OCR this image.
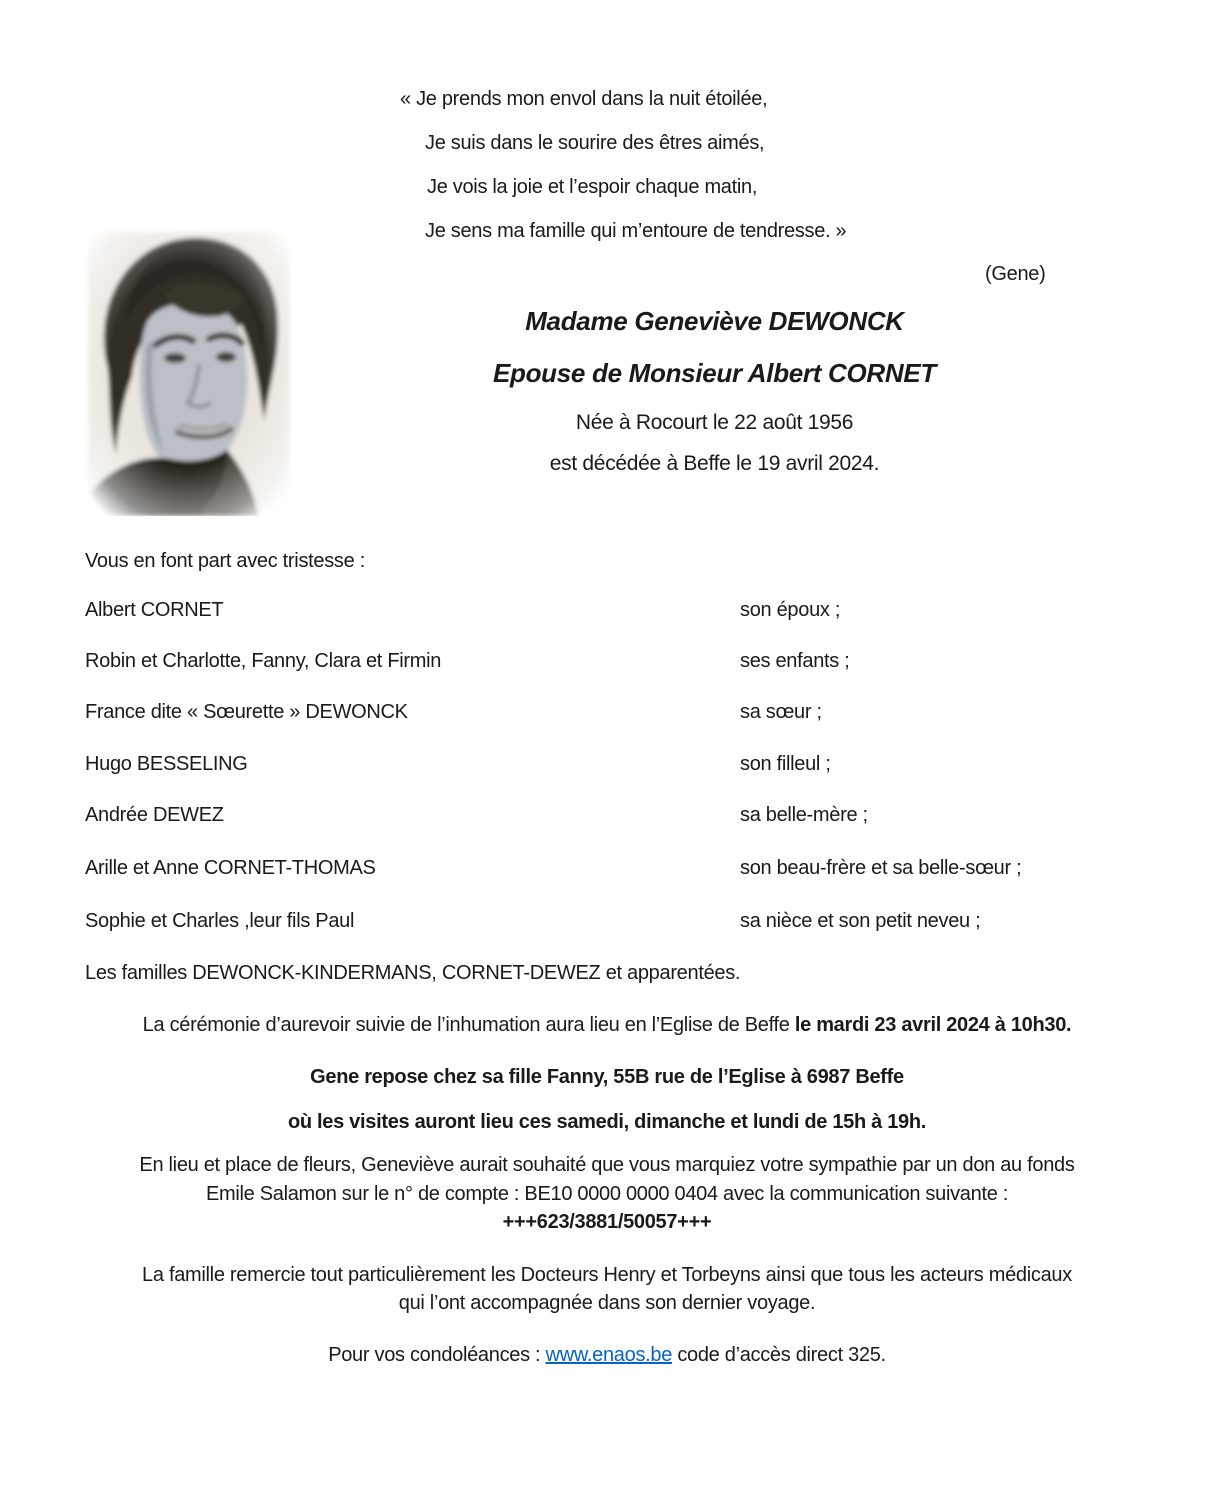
« Je prends mon envol dans la nuit étoilée,
Je suis dans le sourire des êtres aimés,
Je vois la joie et l’espoir chaque matin,
Je sens ma famille qui m’entoure de tendresse. »
(Gene)
Madame Geneviève DEWONCK
Epouse de Monsieur Albert CORNET
Née à Rocourt le 22 août 1956
est décédée à Beffe le 19 avril 2024.
Vous en font part avec tristesse :
Albert CORNET	son époux ;
Robin et Charlotte, Fanny, Clara et Firmin	ses enfants ;
France dite « Sœurette » DEWONCK	sa sœur ;
Hugo BESSELING	son filleul ;
Andrée DEWEZ	sa belle-mère ;
Arille et Anne CORNET-THOMAS	son beau-frère et sa belle-sœur ;
Sophie et Charles ,leur fils Paul	sa nièce et son petit neveu ;
Les familles DEWONCK-KINDERMANS, CORNET-DEWEZ et apparentées.
La cérémonie d’aurevoir suivie de l’inhumation aura lieu en l’Eglise de Beffe le mardi 23 avril 2024 à 10h30.
Gene repose chez sa fille Fanny, 55B rue de l’Eglise à 6987 Beffe
où les visites auront lieu ces samedi, dimanche et lundi de 15h à 19h.
En lieu et place de fleurs, Geneviève aurait souhaité que vous marquiez votre sympathie par un don au fonds
Emile Salamon sur le n° de compte : BE10 0000 0000 0404 avec la communication suivante :
+++623/3881/50057+++
La famille remercie tout particulièrement les Docteurs Henry et Torbeyns ainsi que tous les acteurs médicaux
qui l’ont accompagnée dans son dernier voyage.
Pour vos condoléances : www.enaos.be code d’accès direct 325.
